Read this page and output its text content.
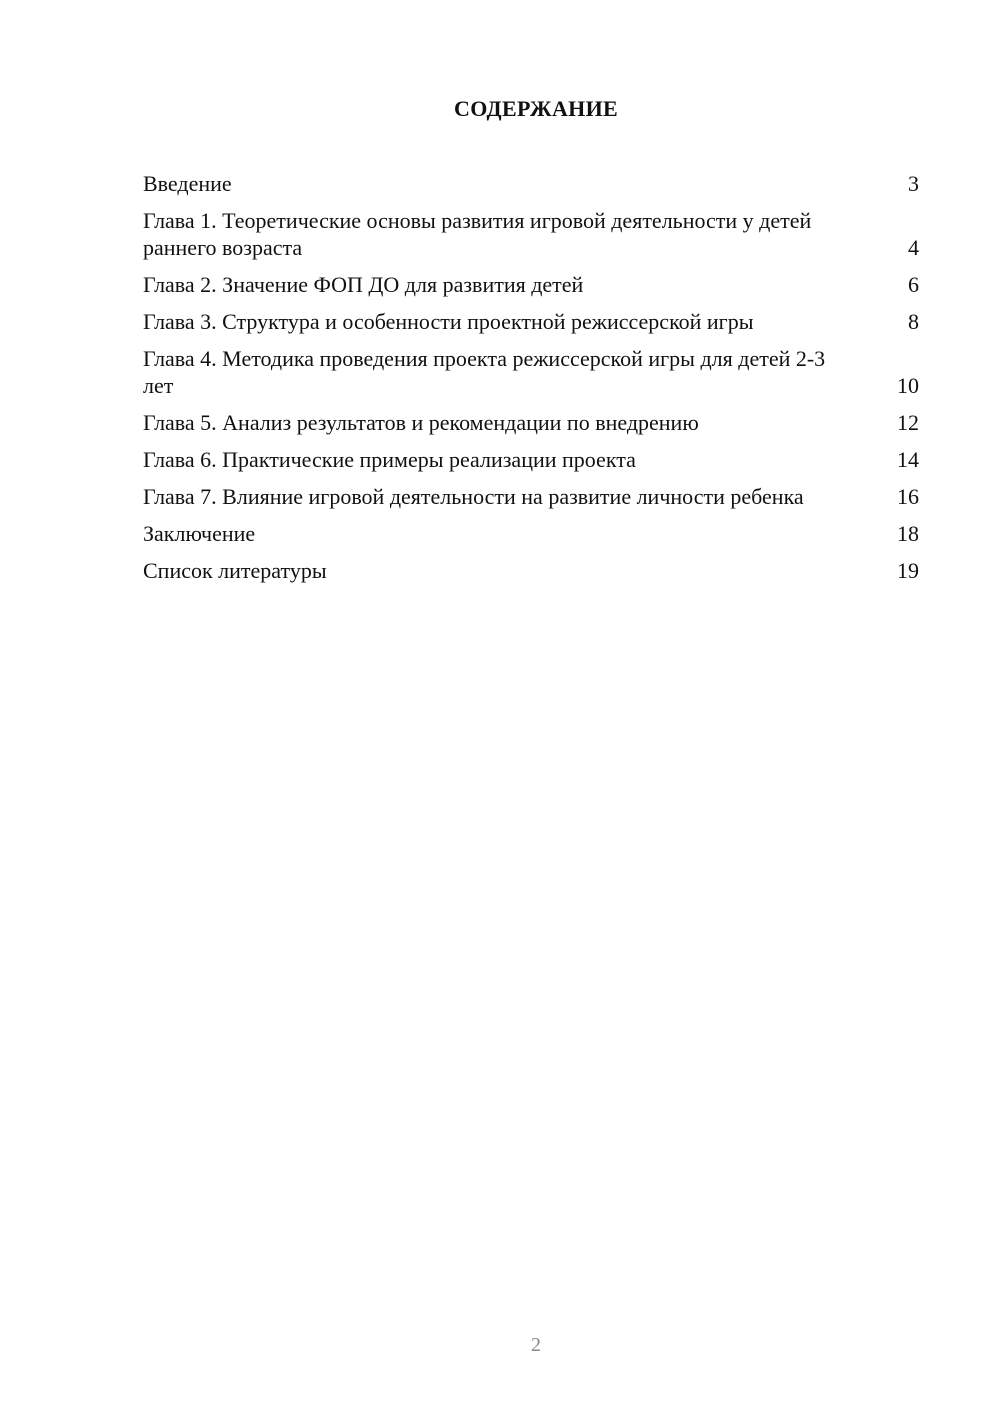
СОДЕРЖАНИЕ
Введение	3
Глава 1. Теоретические основы развития игровой деятельности у детей раннего возраста	4
Глава 2. Значение ФОП ДО для развития детей	6
Глава 3. Структура и особенности проектной режиссерской игры	8
Глава 4. Методика проведения проекта режиссерской игры для детей 2-3 лет	10
Глава 5. Анализ результатов и рекомендации по внедрению	12
Глава 6. Практические примеры реализации проекта	14
Глава 7. Влияние игровой деятельности на развитие личности ребенка	16
Заключение	18
Список литературы	19
2
